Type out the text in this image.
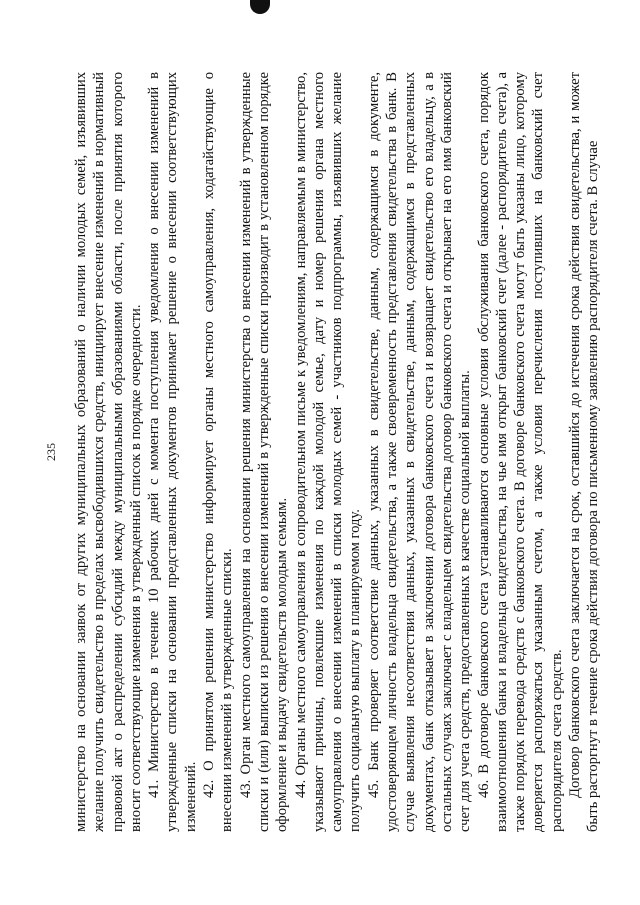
235 министерство на основании заявок от других муниципальных образований о наличии молодых семей, изъявивших желание получить свидетельство в пределах высвободившихся средств, инициирует внесение изменений в нормативный правовой акт о распределении субсидий между муниципальными образованиями области, после принятия которого вносит соответствующие изменения в утвержденный список в порядке очередности. 41. Министерство в течение 10 рабочих дней с момента поступления уведомления о внесении изменений в утвержденные списки на основании представленных документов принимает решение о внесении соответствующих изменений. 42. О принятом решении министерство информирует органы местного самоуправления, ходатайствующие о внесении изменений в утвержденные списки. 43. Орган местного самоуправления на основании решения министерства о внесении изменений в утвержденные списки и (или) выписки из решения о внесении изменений в утвержденные списки производит в установленном порядке оформление и выдачу свидетельств молодым семьям. 44. Органы местного самоуправления в сопроводительном письме к уведомлениям, направляемым в министерство, указывают причины, повлекшие изменения по каждой молодой семье, дату и номер решения органа местного самоуправления о внесении изменений в списки молодых семей - участников подпрограммы, изъявивших желание получить социальную выплату в планируемом году. 45. Банк проверяет соответствие данных, указанных в свидетельстве, данным, содержащимся в документе, удостоверяющем личность владельца свидетельства, а также своевременность представления свидетельства в банк. В случае выявления несоответствия данных, указанных в свидетельстве, данным, содержащимся в представленных документах, банк отказывает в заключении договора банковского счета и возвращает свидетельство его владельцу, а в остальных случаях заключает с владельцем свидетельства договор банковского счета и открывает на его имя банковский счет для учета средств, предоставленных в качестве социальной выплаты. 46. В договоре банковского счета устанавливаются основные условия обслуживания банковского счета, порядок взаимоотношения банка и владельца свидетельства, на чье имя открыт банковский счет (далее - распорядитель счета), а также порядок перевода средств с банковского счета. В договоре банковского счета могут быть указаны лицо, которому доверяется распоряжаться указанным счетом, а также условия перечисления поступивших на банковский счет распорядителя счета средств. Договор банковского счета заключается на срок, оставшийся до истечения срока действия свидетельства, и может быть расторгнут в течение срока действия договора по письменному заявлению распорядителя счета. В случае
